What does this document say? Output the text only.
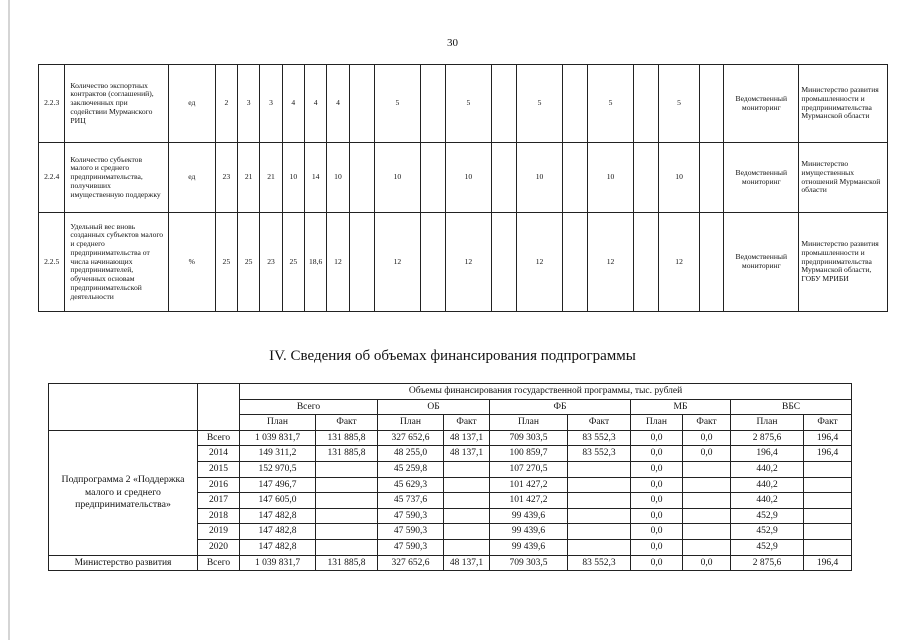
30
2.2.3	Количество экспортных контрактов (соглашений), заключенных при содействии Мурманского РИЦ	ед	2	3	3	4	4	4		5		5		5		5		5		Ведомственный мониторинг	Министерство развития промышленности и предпринимательства Мурманской области
2.2.4	Количество субъектов малого и среднего предпринимательства, получивших имущественную поддержку	ед	23	21	21	10	14	10		10		10		10		10		10		Ведомственный мониторинг	Министерство имущественных отношений Мурманской области
2.2.5	Удельный вес вновь созданных субъектов малого и среднего предпринимательства от числа начинающих предпринимателей, обученных основам предпринимательской деятельности	%	25	25	23	25	18,6	12		12		12		12		12		12		Ведомственный мониторинг	Министерство развития промышленности и предпринимательства Мурманской области, ГОБУ МРИБИ
IV. Сведения об объемах финансирования подпрограммы
		Объемы финансирования государственной программы, тыс. рублей									
		Всего		ОБ		ФБ		МБ		ВБС	
		План	Факт	План	Факт	План	Факт	План	Факт	План	Факт
Подпрограмма 2 «Поддержка малого и среднего предпринимательства»	Всего	1 039 831,7	131 885,8	327 652,6	48 137,1	709 303,5	83 552,3	0,0	0,0	2 875,6	196,4
	2014	149 311,2	131 885,8	48 255,0	48 137,1	100 859,7	83 552,3	0,0	0,0	196,4	196,4
	2015	152 970,5		45 259,8		107 270,5		0,0		440,2	
	2016	147 496,7		45 629,3		101 427,2		0,0		440,2	
	2017	147 605,0		45 737,6		101 427,2		0,0		440,2	
	2018	147 482,8		47 590,3		99 439,6		0,0		452,9	
	2019	147 482,8		47 590,3		99 439,6		0,0		452,9	
	2020	147 482,8		47 590,3		99 439,6		0,0		452,9	
Министерство развития	Всего	1 039 831,7	131 885,8	327 652,6	48 137,1	709 303,5	83 552,3	0,0	0,0	2 875,6	196,4
